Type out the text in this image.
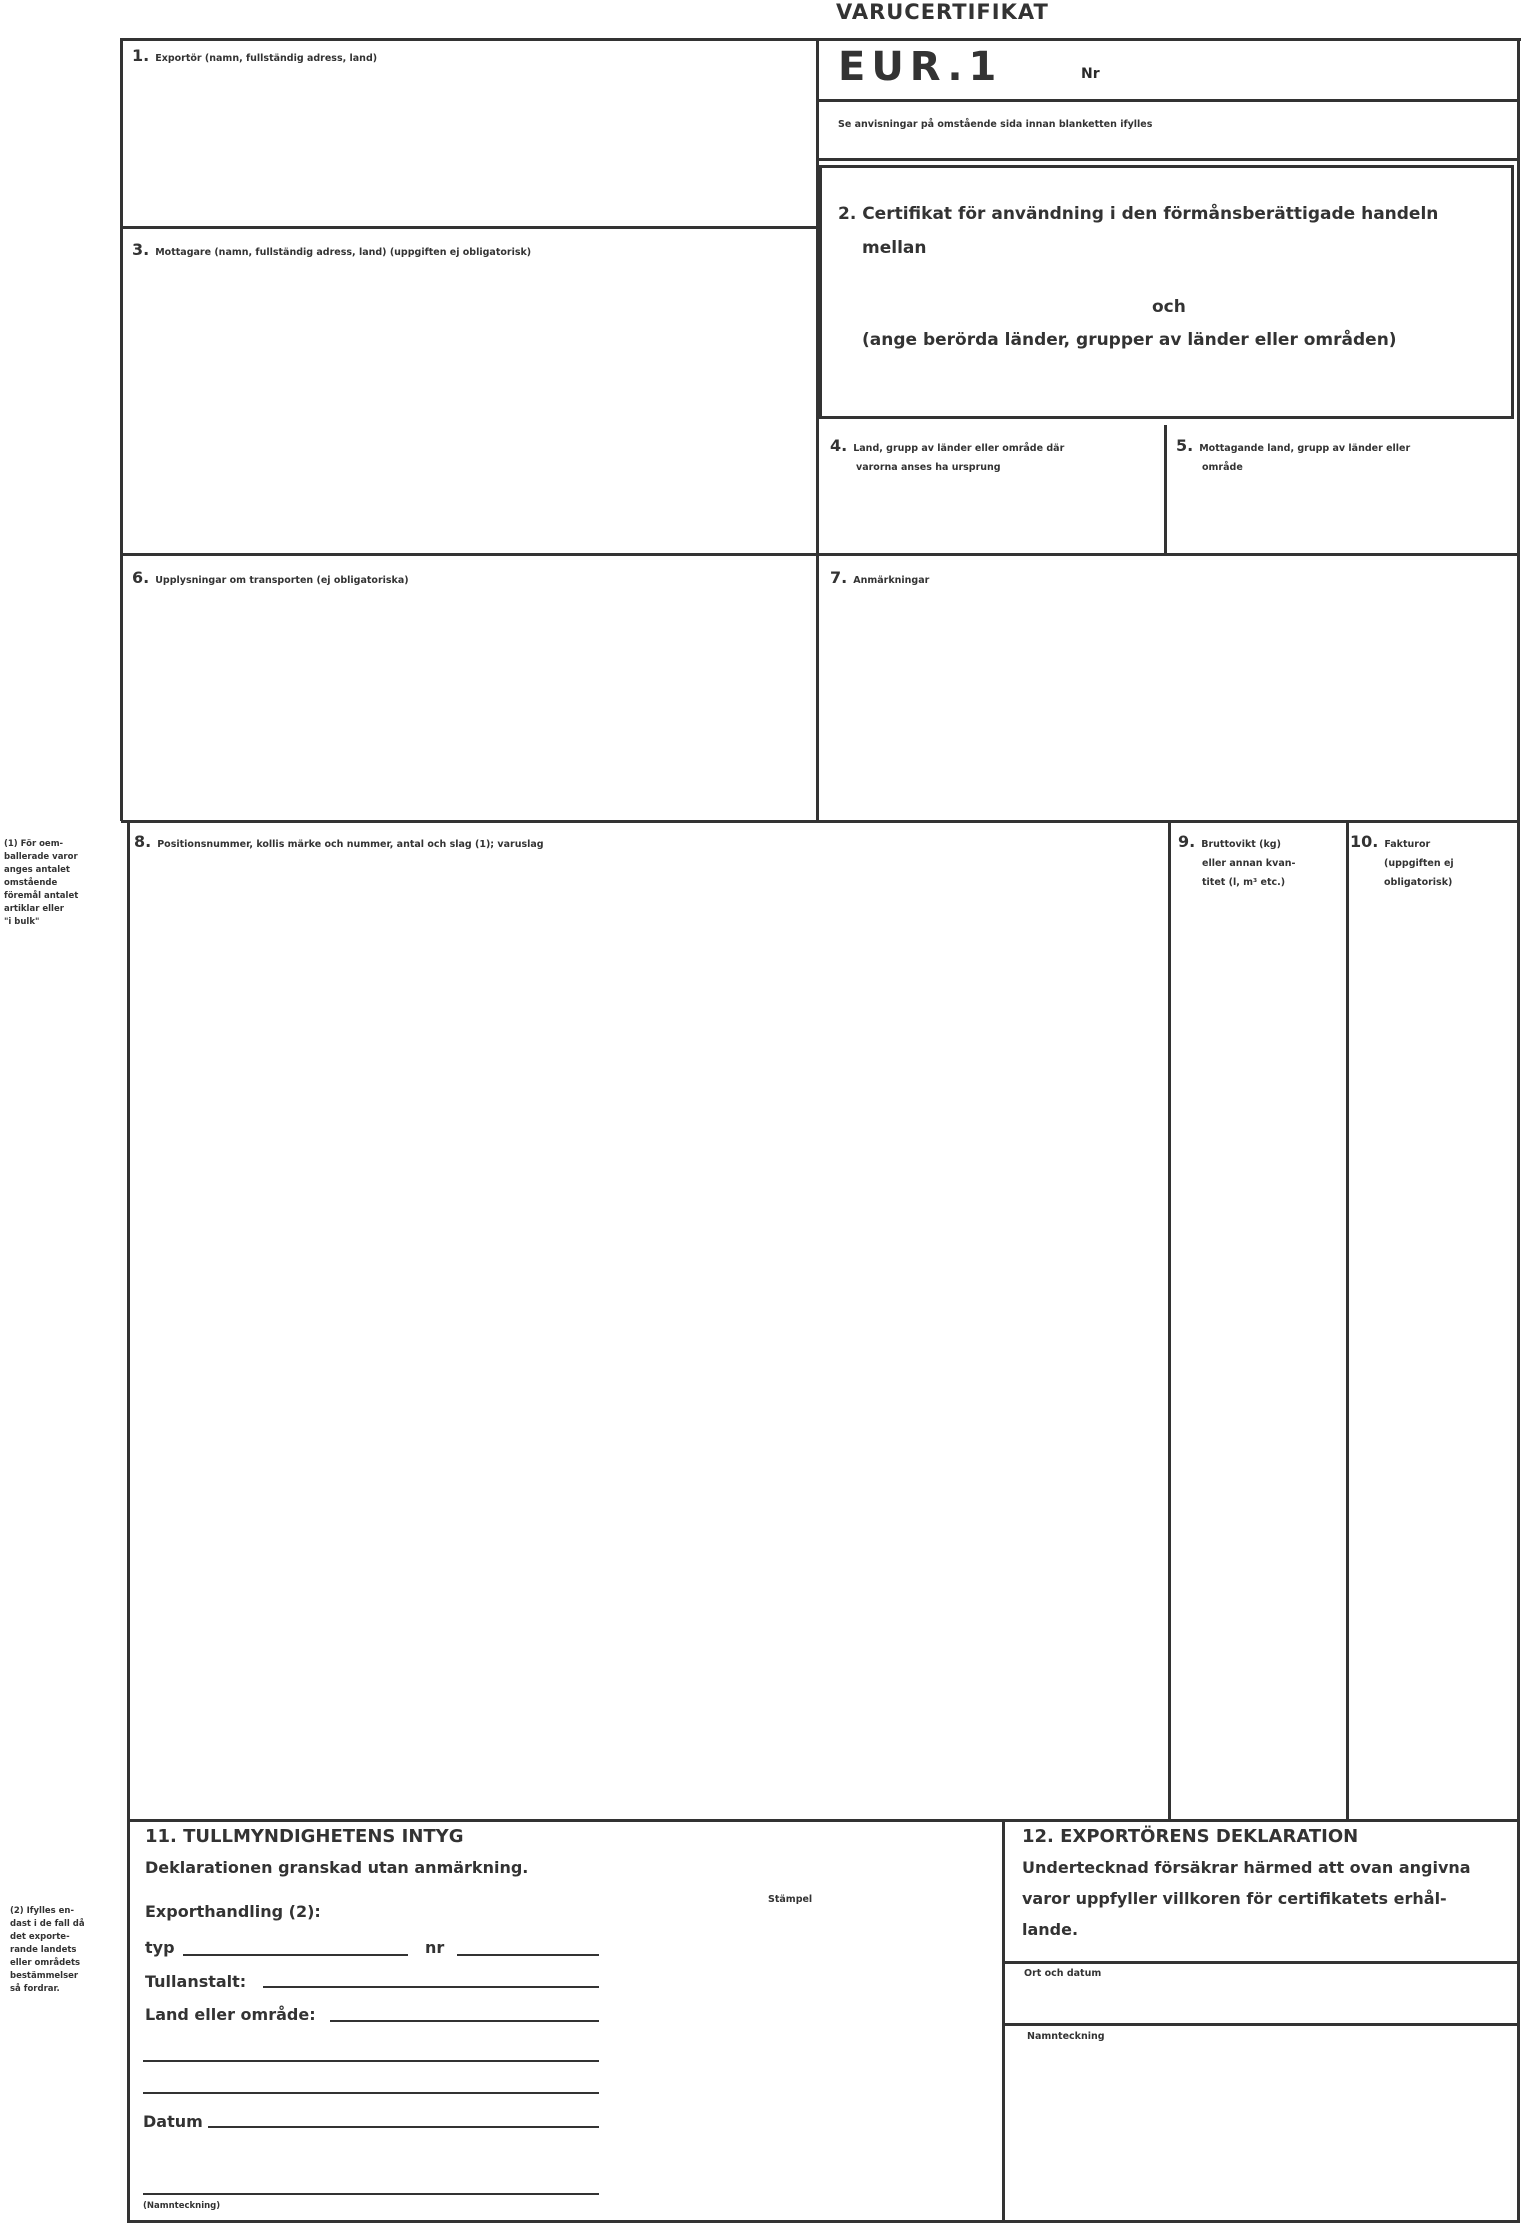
VARUCERTIFIKAT
1. Exportör (namn, fullständig adress, land)	EUR.1	Nr
Se anvisningar på omstående sida innan blanketten ifylles
2. Certifikat för användning i den förmånsberättigade handeln
mellan
och
(ange berörda länder, grupper av länder eller områden)
3. Mottagare (namn, fullständig adress, land) (uppgiften ej obligatorisk)
4. Land, grupp av länder eller område där
varorna anses ha ursprung
5. Mottagande land, grupp av länder eller
område
6. Upplysningar om transporten (ej obligatoriska)	7. Anmärkningar
(1) För oem-
ballerade varor
anges antalet
omstående
föremål antalet
artiklar eller
"i bulk"
8. Positionsnummer, kollis märke och nummer, antal och slag (1); varuslag	9. Bruttovikt (kg)
eller annan kvan-
titet (l, m³ etc.)
10. Fakturor
(uppgiften ej
obligatorisk)
(2) Ifylles en-
dast i de fall då
det exporte-
rande landets
eller områdets
bestämmelser
så fordrar.
11. TULLMYNDIGHETENS INTYG
Deklarationen granskad utan anmärkning.
Stämpel
Exporthandling (2):
typ	nr
Tullanstalt:
Land eller område:
Datum
(Namnteckning)
12. EXPORTÖRENS DEKLARATION
Undertecknad försäkrar härmed att ovan angivna
varor uppfyller villkoren för certifikatets erhål-
lande.
Ort och datum
Namnteckning
